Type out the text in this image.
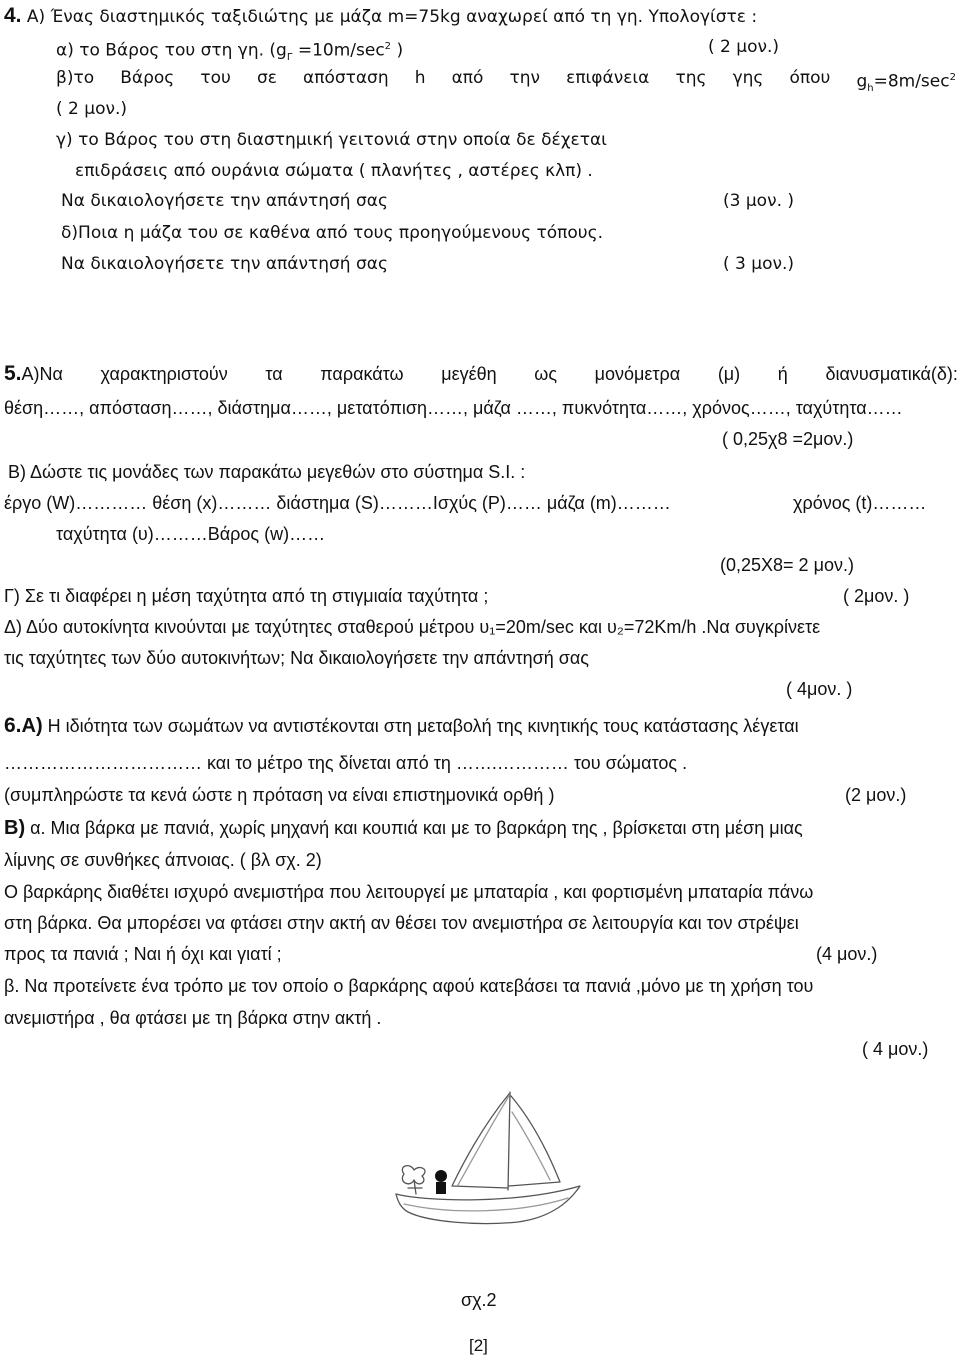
4. Α) Ένας διαστημικός ταξιδιώτης με μάζα m=75kg αναχωρεί από τη γη. Υπολογίστε :
α) το Βάρος του στη γη. ($g_\Gamma =10m/\sec^2$ )	( 2 μον.)
β)το Βάρος του σε απόσταση h από την επιφάνεια της γης όπου $g_h=8m/\sec^2$
( 2 μον.)
γ) το Βάρος του στη διαστημική γειτονιά στην οποία δε δέχεται
επιδράσεις από ουράνια σώματα ( πλανήτες , αστέρες κλπ) .
Να δικαιολογήσετε την απάντησή σας	(3 μον. )
δ)Ποια η μάζα του σε καθένα από τους προηγούμενους τόπους.
Να δικαιολογήσετε την απάντησή σας	( 3 μον.)
5.Α)Να χαρακτηριστούν τα παρακάτω μεγέθη ως μονόμετρα (μ) ή διανυσματικά(δ):
θέση……, απόσταση……, διάστημα……, μετατόπιση……, μάζα ……, πυκνότητα……, χρόνος……, ταχύτητα……
( 0,25χ8 =2μον.)
Β) Δώστε τις μονάδες των παρακάτω μεγεθών στο σύστημα S.I. :
έργο (W)………… θέση (x)……… διάστημα (S)………Ισχύς (P)…… μάζα (m)………	χρόνος (t)………
ταχύτητα (υ)………Βάρος (w)……
(0,25Χ8= 2 μον.)
Γ) Σε τι διαφέρει η μέση ταχύτητα από τη στιγμιαία ταχύτητα ;	( 2μον. )
Δ) Δύο αυτοκίνητα κινούνται με ταχύτητες σταθερού μέτρου υ₁=20m/sec και υ₂=72Km/h .Να συγκρίνετε
τις ταχύτητες των δύο αυτοκινήτων; Να δικαιολογήσετε την απάντησή σας
( 4μον. )
6.Α) Η ιδιότητα των σωμάτων να αντιστέκονται στη μεταβολή της κινητικής τους κατάστασης λέγεται
…………………………… και το μέτρο της δίνεται από τη …….………… του σώματος .
(συμπληρώστε τα κενά ώστε η πρόταση να είναι επιστημονικά ορθή )	(2 μον.)
Β) α. Μια βάρκα με πανιά, χωρίς μηχανή και κουπιά και με το βαρκάρη της , βρίσκεται στη μέση μιας
λίμνης σε συνθήκες άπνοιας. ( βλ σχ. 2)
Ο βαρκάρης διαθέτει ισχυρό ανεμιστήρα που λειτουργεί με μπαταρία , και φορτισμένη μπαταρία πάνω
στη βάρκα. Θα μπορέσει να φτάσει στην ακτή αν θέσει τον ανεμιστήρα σε λειτουργία και τον στρέψει
προς τα πανιά ; Ναι ή όχι και γιατί ;	(4 μον.)
β. Να προτείνετε ένα τρόπο με τον οποίο ο βαρκάρης αφού κατεβάσει τα πανιά ,μόνο με τη χρήση του
ανεμιστήρα , θα φτάσει με τη βάρκα στην ακτή .
( 4 μον.)
σχ.2
[2]
